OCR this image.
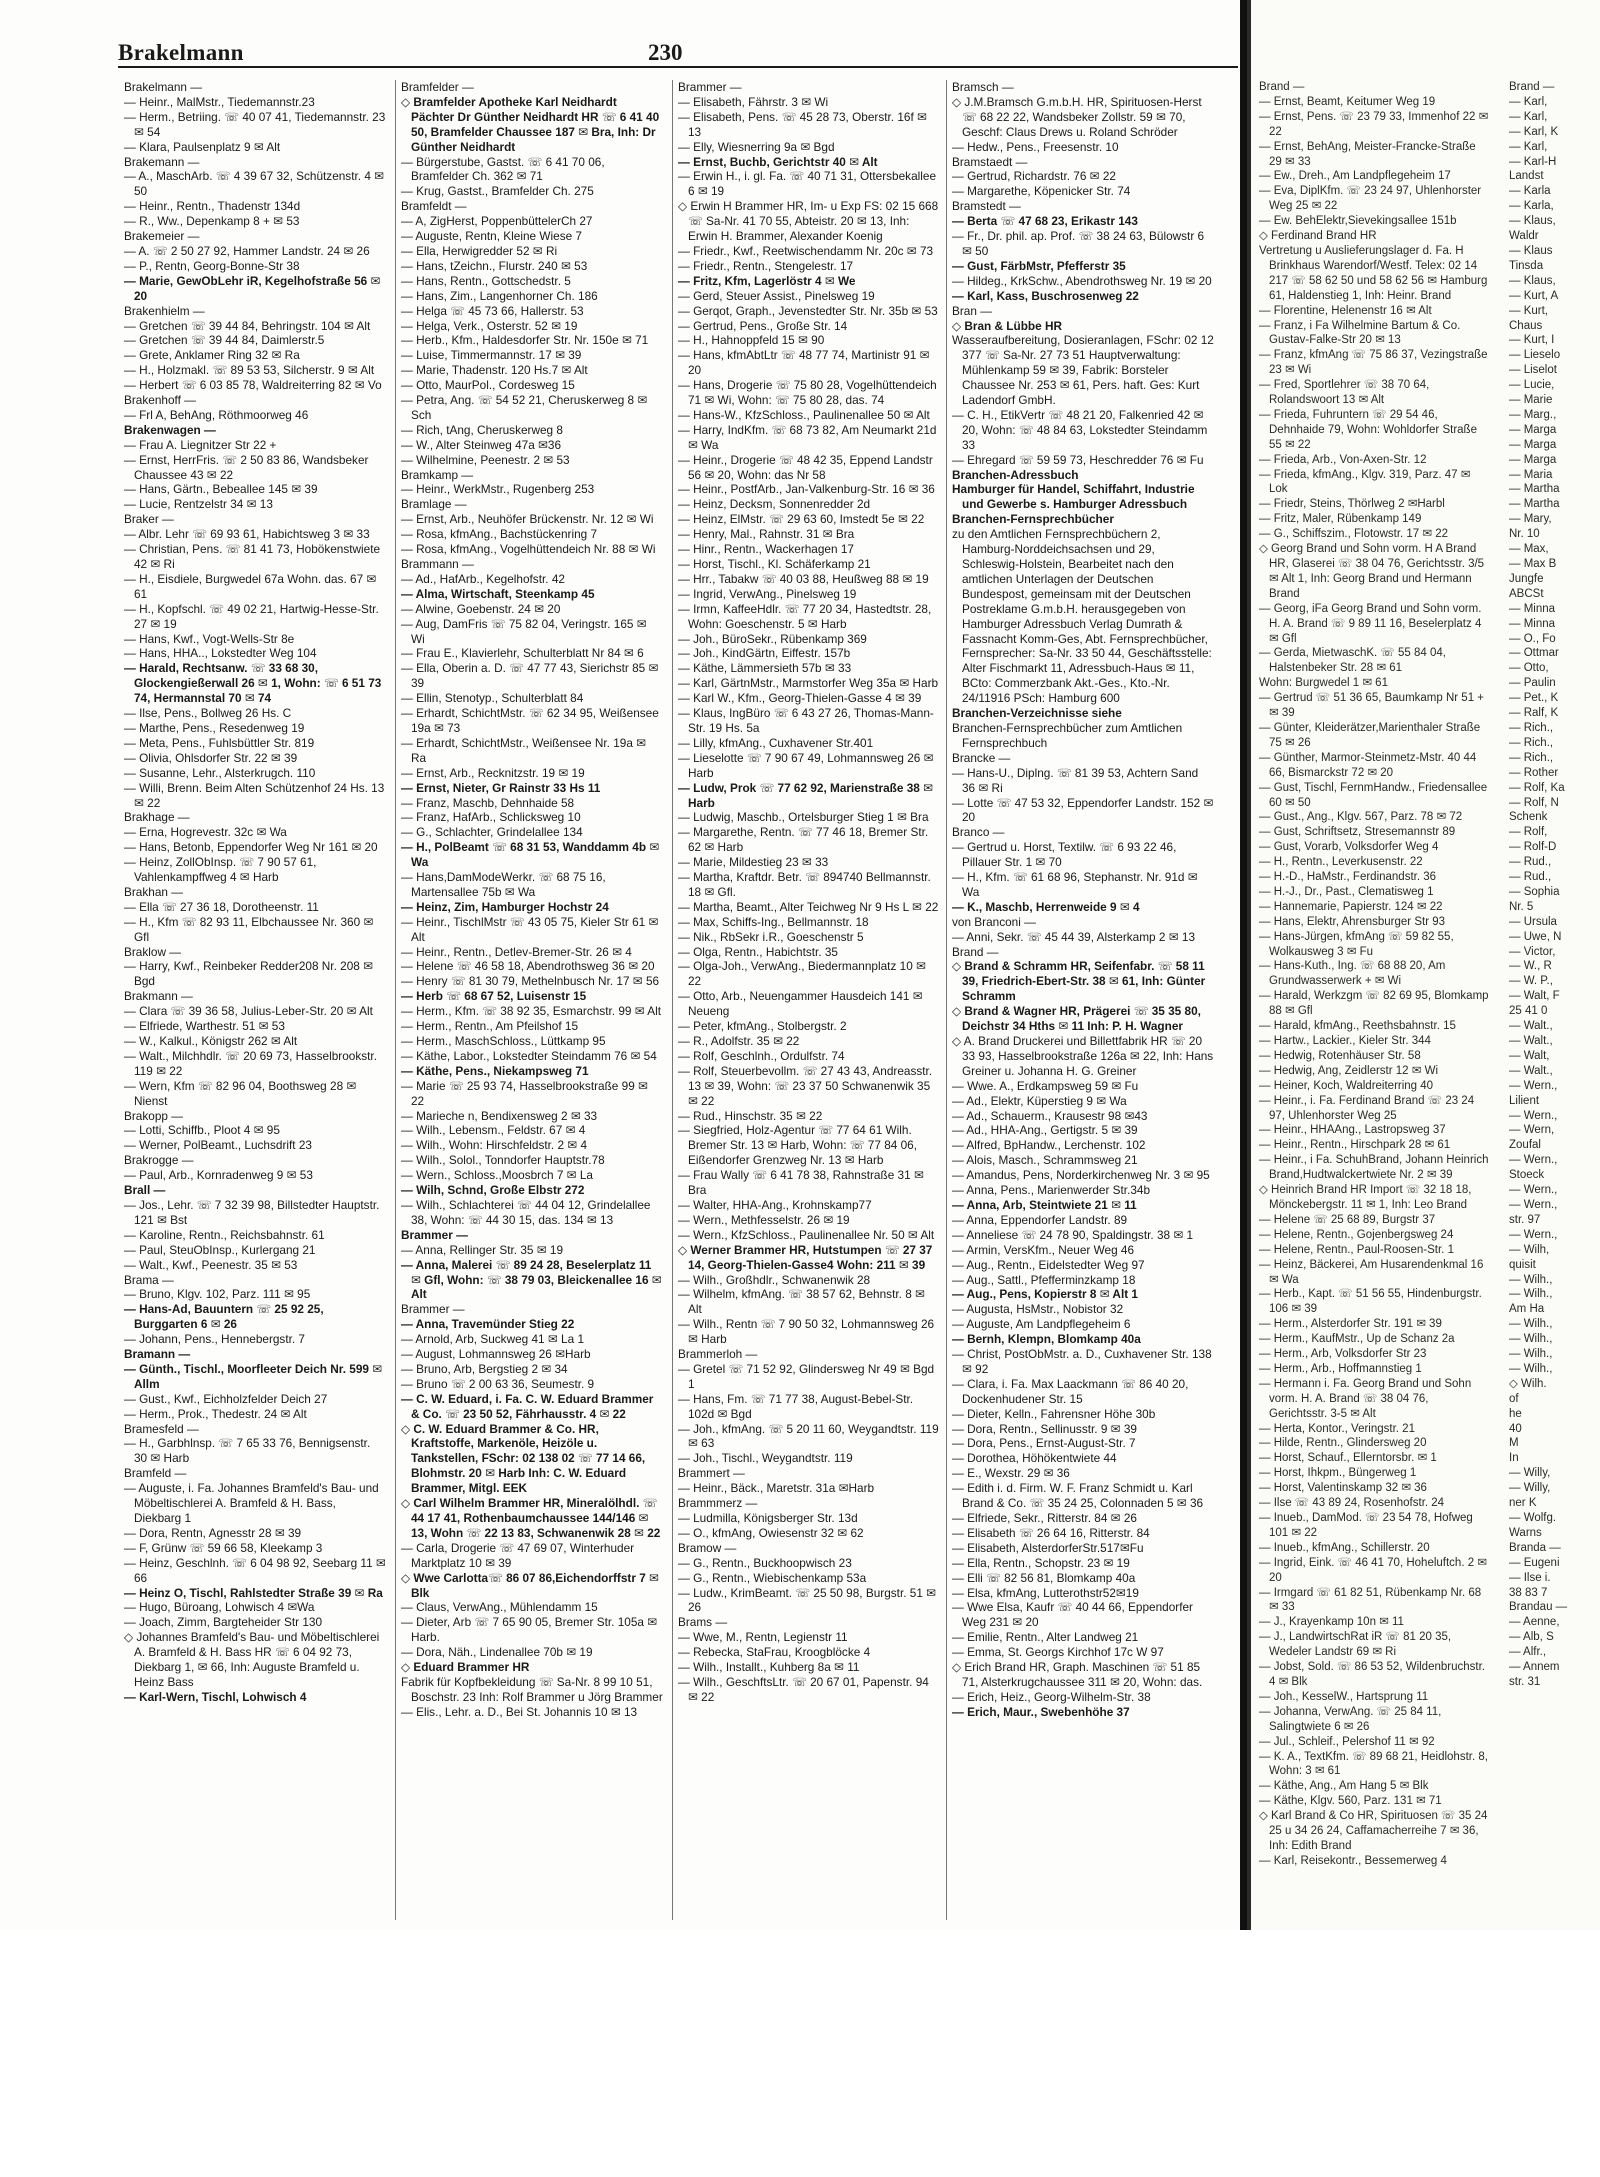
Brakelmann	230
Brakelmann —
— Heinr., MalMstr., Tiedemannstr.23
— Herm., Betriing. ☏ 40 07 41, Tiedemannstr. 23 ✉ 54
— Klara, Paulsenplatz 9 ✉ Alt
Brakemann —
— A., MaschArb. ☏ 4 39 67 32, Schützenstr. 4 ✉ 50
— Heinr., Rentn., Thadenstr 134d
— R., Ww., Depenkamp 8 + ✉ 53
Brakemeier —
— A. ☏ 2 50 27 92, Hammer Landstr. 24 ✉ 26
— P., Rentn, Georg-Bonne-Str 38
— Marie, GewObLehr iR, Kegelhofstraße 56 ✉ 20
Brakenhielm —
— Gretchen ☏ 39 44 84, Behringstr. 104 ✉ Alt
— Gretchen ☏ 39 44 84, Daimlerstr.5
— Grete, Anklamer Ring 32 ✉ Ra
— H., Holzmakl. ☏ 89 53 53, Silcherstr. 9 ✉ Alt
— Herbert ☏ 6 03 85 78, Waldreiterring 82 ✉ Vo
Brakenhoff —
— Frl A, BehAng, Röthmoorweg 46
Brakenwagen —
— Frau A. Liegnitzer Str 22 +
— Ernst, HerrFris. ☏ 2 50 83 86, Wandsbeker Chaussee 43 ✉ 22
— Hans, Gärtn., Bebeallee 145 ✉ 39
— Lucie, Rentzelstr 34 ✉ 13
Braker —
— Albr. Lehr ☏ 69 93 61, Habichtsweg 3 ✉ 33
— Christian, Pens. ☏ 81 41 73, Hobökenstwiete 42 ✉ Ri
— H., Eisdiele, Burgwedel 67a Wohn. das. 67 ✉ 61
— H., Kopfschl. ☏ 49 02 21, Hartwig-Hesse-Str. 27 ✉ 19
— Hans, Kwf., Vogt-Wells-Str 8e
— Hans, HHA.., Lokstedter Weg 104
— Harald, Rechtsanw. ☏ 33 68 30, Glockengießerwall 26 ✉ 1, Wohn: ☏ 6 51 73 74, Hermannstal 70 ✉ 74
— Ilse, Pens., Bollweg 26 Hs. C
— Marthe, Pens., Resedenweg 19
— Meta, Pens., Fuhlsbüttler Str. 819
— Olivia, Ohlsdorfer Str. 22 ✉ 39
— Susanne, Lehr., Alsterkrugch. 110
— Willi, Brenn. Beim Alten Schützenhof 24 Hs. 13 ✉ 22
Brakhage —
— Erna, Hogrevestr. 32c ✉ Wa
— Hans, Betonb, Eppendorfer Weg Nr 161 ✉ 20
— Heinz, ZollObInsp. ☏ 7 90 57 61, Vahlenkampffweg 4 ✉ Harb
Brakhan —
— Ella ☏ 27 36 18, Dorotheenstr. 11
— H., Kfm ☏ 82 93 11, Elbchaussee Nr. 360 ✉ Gfl
Braklow —
— Harry, Kwf., Reinbeker Redder208 Nr. 208 ✉ Bgd
Brakmann —
— Clara ☏ 39 36 58, Julius-Leber-Str. 20 ✉ Alt
— Elfriede, Warthestr. 51 ✉ 53
— W., Kalkul., Königstr 262 ✉ Alt
— Walt., Milchhdlr. ☏ 20 69 73, Hasselbrookstr. 119 ✉ 22
— Wern, Kfm ☏ 82 96 04, Boothsweg 28 ✉ Nienst
Brakopp —
— Lotti, Schiffb., Ploot 4 ✉ 95
— Werner, PolBeamt., Luchsdrift 23
Brakrogge —
— Paul, Arb., Kornradenweg 9 ✉ 53
Brall —
— Jos., Lehr. ☏ 7 32 39 98, Billstedter Hauptstr. 121 ✉ Bst
— Karoline, Rentn., Reichsbahnstr. 61
— Paul, SteuObInsp., Kurlergang 21
— Walt., Kwf., Peenestr. 35 ✉ 53
Brama —
— Bruno, Klgv. 102, Parz. 111 ✉ 95
— Hans-Ad, Bauuntern ☏ 25 92 25, Burggarten 6 ✉ 26
— Johann, Pens., Hennebergstr. 7
Bramann —
— Günth., Tischl., Moorfleeter Deich Nr. 599 ✉ Allm
— Gust., Kwf., Eichholzfelder Deich 27
— Herm., Prok., Thedestr. 24 ✉ Alt
Bramesfeld —
— H., Garbhlnsp. ☏ 7 65 33 76, Bennigsenstr. 30 ✉ Harb
Bramfeld —
— Auguste, i. Fa. Johannes Bramfeld's Bau- und Möbeltischlerei A. Bramfeld & H. Bass, Diekbarg 1
— Dora, Rentn, Agnesstr 28 ✉ 39
— F, Grünw ☏ 59 66 58, Kleekamp 3
— Heinz, Geschlnh. ☏ 6 04 98 92, Seebarg 11 ✉ 66
— Heinz O, Tischl, Rahlstedter Straße 39 ✉ Ra
— Hugo, Büroang, Lohwisch 4 ✉Wa
— Joach, Zimm, Bargteheider Str 130
◇ Johannes Bramfeld's Bau- und Möbeltischlerei A. Bramfeld & H. Bass HR ☏ 6 04 92 73, Diekbarg 1, ✉ 66, Inh: Auguste Bramfeld u. Heinz Bass
— Karl-Wern, Tischl, Lohwisch 4
Bramfelder —
◇ Bramfelder Apotheke Karl Neidhardt Pächter Dr Günther Neidhardt HR ☏ 6 41 40 50, Bramfelder Chaussee 187 ✉ Bra, Inh: Dr Günther Neidhardt
— Bürgerstube, Gastst. ☏ 6 41 70 06, Bramfelder Ch. 362 ✉ 71
— Krug, Gastst., Bramfelder Ch. 275
Bramfeldt —
— A, ZigHerst, PoppenbüttelerCh 27
— Auguste, Rentn, Kleine Wiese 7
— Ella, Herwigredder 52 ✉ Ri
— Hans, tZeichn., Flurstr. 240 ✉ 53
— Hans, Rentn., Gottschedstr. 5
— Hans, Zim., Langenhorner Ch. 186
— Helga ☏ 45 73 66, Hallerstr. 53
— Helga, Verk., Osterstr. 52 ✉ 19
— Herb., Kfm., Haldesdorfer Str. Nr. 150e ✉ 71
— Luise, Timmermannstr. 17 ✉ 39
— Marie, Thadenstr. 120 Hs.7 ✉ Alt
— Otto, MaurPol., Cordesweg 15
— Petra, Ang. ☏ 54 52 21, Cheruskerweg 8 ✉ Sch
— Rich, tAng, Cheruskerweg 8
— W., Alter Steinweg 47a ✉36
— Wilhelmine, Peenestr. 2 ✉ 53
Bramkamp —
— Heinr., WerkMstr., Rugenberg 253
Bramlage —
— Ernst, Arb., Neuhöfer Brückenstr. Nr. 12 ✉ Wi
— Rosa, kfmAng., Bachstückenring 7
— Rosa, kfmAng., Vogelhüttendeich Nr. 88 ✉ Wi
Brammann —
— Ad., HafArb., Kegelhofstr. 42
— Alma, Wirtschaft, Steenkamp 45
— Alwine, Goebenstr. 24 ✉ 20
— Aug, DamFris ☏ 75 82 04, Veringstr. 165 ✉ Wi
— Frau E., Klavierlehr, Schulterblatt Nr 84 ✉ 6
— Ella, Oberin a. D. ☏ 47 77 43, Sierichstr 85 ✉ 39
— Ellin, Stenotyp., Schulterblatt 84
— Erhardt, SchichtMstr. ☏ 62 34 95, Weißensee 19a ✉ 73
— Erhardt, SchichtMstr., Weißensee Nr. 19a ✉ Ra
— Ernst, Arb., Recknitzstr. 19 ✉ 19
— Ernst, Nieter, Gr Rainstr 33 Hs 11
— Franz, Maschb, Dehnhaide 58
— Franz, HafArb., Schlicksweg 10
— G., Schlachter, Grindelallee 134
— H., PolBeamt ☏ 68 31 53, Wanddamm 4b ✉ Wa
— Hans,DamModeWerkr. ☏ 68 75 16, Martensallee 75b ✉ Wa
— Heinz, Zim, Hamburger Hochstr 24
— Heinr., TischlMstr ☏ 43 05 75, Kieler Str 61 ✉ Alt
— Heinr., Rentn., Detlev-Bremer-Str. 26 ✉ 4
— Helene ☏ 46 58 18, Abendrothsweg 36 ✉ 20
— Henry ☏ 81 30 79, Methelnbusch Nr. 17 ✉ 56
— Herb ☏ 68 67 52, Luisenstr 15
— Herm., Kfm. ☏ 38 92 35, Esmarchstr. 99 ✉ Alt
— Herm., Rentn., Am Pfeilshof 15
— Herm., MaschSchloss., Lüttkamp 95
— Käthe, Labor., Lokstedter Steindamm 76 ✉ 54
— Käthe, Pens., Niekampsweg 71
— Marie ☏ 25 93 74, Hasselbrookstraße 99 ✉ 22
— Marieche n, Bendixensweg 2 ✉ 33
— Wilh., Lebensm., Feldstr. 67 ✉ 4
— Wilh., Wohn: Hirschfeldstr. 2 ✉ 4
— Wilh., Solol., Tonndorfer Hauptstr.78
— Wern., Schloss.,Moosbrch 7 ✉ La
— Wilh, Schnd, Große Elbstr 272
— Wilh., Schlachterei ☏ 44 04 12, Grindelallee 38, Wohn: ☏ 44 30 15, das. 134 ✉ 13
Brammer —
— Anna, Rellinger Str. 35 ✉ 19
— Anna, Malerei ☏ 89 24 28, Beselerplatz 11 ✉ Gfl, Wohn: ☏ 38 79 03, Bleickenallee 16 ✉ Alt
Brammer —
— Anna, Travemünder Stieg 22
— Arnold, Arb, Suckweg 41 ✉ La 1
— August, Lohmannsweg 26 ✉Harb
— Bruno, Arb, Bergstieg 2 ✉ 34
— Bruno ☏ 2 00 63 36, Seumestr. 9
— C. W. Eduard, i. Fa. C. W. Eduard Brammer & Co. ☏ 23 50 52, Fährhausstr. 4 ✉ 22
◇ C. W. Eduard Brammer & Co. HR, Kraftstoffe, Markenöle, Heizöle u. Tankstellen, FSchr: 02 138 02 ☏ 77 14 66, Blohmstr. 20 ✉ Harb Inh: C. W. Eduard Brammer, Mitgl. EEK
◇ Carl Wilhelm Brammer HR, Mineralölhdl. ☏ 44 17 41, Rothenbaumchaussee 144/146 ✉ 13, Wohn ☏ 22 13 83, Schwanenwik 28 ✉ 22
— Carla, Drogerie ☏ 47 69 07, Winterhuder Marktplatz 10 ✉ 39
◇ Wwe Carlotta☏ 86 07 86,Eichendorffstr 7 ✉ Blk
— Claus, VerwAng., Mühlendamm 15
— Dieter, Arb ☏ 7 65 90 05, Bremer Str. 105a ✉ Harb.
— Dora, Näh., Lindenallee 70b ✉ 19
◇ Eduard Brammer HR
Fabrik für Kopfbekleidung ☏ Sa-Nr. 8 99 10 51, Boschstr. 23 Inh: Rolf Brammer u Jörg Brammer
— Elis., Lehr. a. D., Bei St. Johannis 10 ✉ 13
Brammer —
— Elisabeth, Fährstr. 3 ✉ Wi
— Elisabeth, Pens. ☏ 45 28 73, Oberstr. 16f ✉ 13
— Elly, Wiesnerring 9a ✉ Bgd
— Ernst, Buchb, Gerichtstr 40 ✉ Alt
— Erwin H., i. gl. Fa. ☏ 40 71 31, Ottersbekallee 6 ✉ 19
◇ Erwin H Brammer HR, Im- u Exp FS: 02 15 668 ☏ Sa-Nr. 41 70 55, Abteistr. 20 ✉ 13, Inh: Erwin H. Brammer, Alexander Koenig
— Friedr., Kwf., Reetwischendamm Nr. 20c ✉ 73
— Friedr., Rentn., Stengelestr. 17
— Fritz, Kfm, Lagerlöstr 4 ✉ We
— Gerd, Steuer Assist., Pinelsweg 19
— Gerqot, Graph., Jevenstedter Str. Nr. 35b ✉ 53
— Gertrud, Pens., Große Str. 14
— H., Hahnoppfeld 15 ✉ 90
— Hans, kfmAbtLtr ☏ 48 77 74, Martinistr 91 ✉ 20
— Hans, Drogerie ☏ 75 80 28, Vogelhüttendeich 71 ✉ Wi, Wohn: ☏ 75 80 28, das. 74
— Hans-W., KfzSchloss., Paulinenallee 50 ✉ Alt
— Harry, IndKfm. ☏ 68 73 82, Am Neumarkt 21d ✉ Wa
— Heinr., Drogerie ☏ 48 42 35, Eppend Landstr 56 ✉ 20, Wohn: das Nr 58
— Heinr., PostfArb., Jan-Valkenburg-Str. 16 ✉ 36
— Heinz, Decksm, Sonnenredder 2d
— Heinz, ElMstr. ☏ 29 63 60, Imstedt 5e ✉ 22
— Henry, Mal., Rahnstr. 31 ✉ Bra
— Hinr., Rentn., Wackerhagen 17
— Horst, Tischl., Kl. Schäferkamp 21
— Hrr., Tabakw ☏ 40 03 88, Heußweg 88 ✉ 19
— Ingrid, VerwAng., Pinelsweg 19
— Irmn, KaffeeHdlr. ☏ 77 20 34, Hastedtstr. 28, Wohn: Goeschenstr. 5 ✉ Harb
— Joh., BüroSekr., Rübenkamp 369
— Joh., KindGärtn, Eiffestr. 157b
— Käthe, Lämmersieth 57b ✉ 33
— Karl, GärtnMstr., Marmstorfer Weg 35a ✉ Harb
— Karl W., Kfm., Georg-Thielen-Gasse 4 ✉ 39
— Klaus, IngBüro ☏ 6 43 27 26, Thomas-Mann-Str. 19 Hs. 5a
— Lilly, kfmAng., Cuxhavener Str.401
— Lieselotte ☏ 7 90 67 49, Lohmannsweg 26 ✉ Harb
— Ludw, Prok ☏ 77 62 92, Marienstraße 38 ✉ Harb
— Ludwig, Maschb., Ortelsburger Stieg 1 ✉ Bra
— Margarethe, Rentn. ☏ 77 46 18, Bremer Str. 62 ✉ Harb
— Marie, Mildestieg 23 ✉ 33
— Martha, Kraftdr. Betr. ☏ 894740 Bellmannstr. 18 ✉ Gfl.
— Martha, Beamt., Alter Teichweg Nr 9 Hs L ✉ 22
— Max, Schiffs-Ing., Bellmannstr. 18
— Nik., RbSekr i.R., Goeschenstr 5
— Olga, Rentn., Habichtstr. 35
— Olga-Joh., VerwAng., Biedermannplatz 10 ✉ 22
— Otto, Arb., Neuengammer Hausdeich 141 ✉ Neueng
— Peter, kfmAng., Stolbergstr. 2
— R., Adolfstr. 35 ✉ 22
— Rolf, Geschlnh., Ordulfstr. 74
— Rolf, Steuerbevollm. ☏ 27 43 43, Andreasstr. 13 ✉ 39, Wohn: ☏ 23 37 50 Schwanenwik 35 ✉ 22
— Rud., Hinschstr. 35 ✉ 22
— Siegfried, Holz-Agentur ☏ 77 64 61 Wilh. Bremer Str. 13 ✉ Harb, Wohn: ☏ 77 84 06, Eißendorfer Grenzweg Nr. 13 ✉ Harb
— Frau Wally ☏ 6 41 78 38, Rahnstraße 31 ✉ Bra
— Walter, HHA-Ang., Krohnskamp77
— Wern., Methfesselstr. 26 ✉ 19
— Wern., KfzSchloss., Paulinenallee Nr. 50 ✉ Alt
◇ Werner Brammer HR, Hutstumpen ☏ 27 37 14, Georg-Thielen-Gasse4 Wohn: 211 ✉ 39
— Wilh., Großhdlr., Schwanenwik 28
— Wilhelm, kfmAng. ☏ 38 57 62, Behnstr. 8 ✉ Alt
— Wilh., Rentn ☏ 7 90 50 32, Lohmannsweg 26 ✉ Harb
Brammerloh —
— Gretel ☏ 71 52 92, Glindersweg Nr 49 ✉ Bgd 1
— Hans, Fm. ☏ 71 77 38, August-Bebel-Str. 102d ✉ Bgd
— Joh., kfmAng. ☏ 5 20 11 60, Weygandtstr. 119 ✉ 63
— Joh., Tischl., Weygandtstr. 119
Brammert —
— Heinr., Bäck., Maretstr. 31a ✉Harb
Brammmerz —
— Ludmilla, Königsberger Str. 13d
— O., kfmAng, Owiesenstr 32 ✉ 62
Bramow —
— G., Rentn., Buckhoopwisch 23
— G., Rentn., Wiebischenkamp 53a
— Ludw., KrimBeamt. ☏ 25 50 98, Burgstr. 51 ✉ 26
Brams —
— Wwe, M., Rentn, Legienstr 11
— Rebecka, StaFrau, Kroogblöcke 4
— Wilh., Installt., Kuhberg 8a ✉ 11
— Wilh., GeschftsLtr. ☏ 20 67 01, Papenstr. 94 ✉ 22
Bramsch —
◇ J.M.Bramsch G.m.b.H. HR, Spirituosen-Herst ☏ 68 22 22, Wandsbeker Zollstr. 59 ✉ 70, Geschf: Claus Drews u. Roland Schröder
— Hedw., Pens., Freesenstr. 10
Bramstaedt —
— Gertrud, Richardstr. 76 ✉ 22
— Margarethe, Köpenicker Str. 74
Bramstedt —
— Berta ☏ 47 68 23, Erikastr 143
— Fr., Dr. phil. ap. Prof. ☏ 38 24 63, Bülowstr 6 ✉ 50
— Gust, FärbMstr, Pfefferstr 35
— Hildeg., KrkSchw., Abendrothsweg Nr. 19 ✉ 20
— Karl, Kass, Buschrosenweg 22
Bran —
◇ Bran & Lübbe HR
Wasseraufbereitung, Dosieranlagen, FSchr: 02 12 377 ☏ Sa-Nr. 27 73 51 Hauptverwaltung: Mühlenkamp 59 ✉ 39, Fabrik: Borsteler Chaussee Nr. 253 ✉ 61, Pers. haft. Ges: Kurt Ladendorf GmbH.
— C. H., EtikVertr ☏ 48 21 20, Falkenried 42 ✉ 20, Wohn: ☏ 48 84 63, Lokstedter Steindamm 33
— Ehregard ☏ 59 59 73, Heschredder 76 ✉ Fu
Branchen-Adressbuch
Hamburger für Handel, Schiffahrt, Industrie und Gewerbe s. Hamburger Adressbuch
Branchen-Fernsprechbücher
zu den Amtlichen Fernsprechbüchern 2, Hamburg-Norddeichsachsen und 29, Schleswig-Holstein, Bearbeitet nach den amtlichen Unterlagen der Deutschen Bundespost, gemeinsam mit der Deutschen Postreklame G.m.b.H. herausgegeben von Hamburger Adressbuch Verlag Dumrath & Fassnacht Komm-Ges, Abt. Fernsprechbücher, Fernsprecher: Sa-Nr. 33 50 44, Geschäftsstelle: Alter Fischmarkt 11, Adressbuch-Haus ✉ 11, BCto: Commerzbank Akt.-Ges., Kto.-Nr. 24/11916 PSch: Hamburg 600
Branchen-Verzeichnisse siehe
Branchen-Fernsprechbücher zum Amtlichen Fernsprechbuch
Brancke —
— Hans-U., Diplng. ☏ 81 39 53, Achtern Sand 36 ✉ Ri
— Lotte ☏ 47 53 32, Eppendorfer Landstr. 152 ✉ 20
Branco —
— Gertrud u. Horst, Textilw. ☏ 6 93 22 46, Pillauer Str. 1 ✉ 70
— H., Kfm. ☏ 61 68 96, Stephanstr. Nr. 91d ✉ Wa
— K., Maschb, Herrenweide 9 ✉ 4
von Branconi —
— Anni, Sekr. ☏ 45 44 39, Alsterkamp 2 ✉ 13
Brand —
◇ Brand & Schramm HR, Seifenfabr. ☏ 58 11 39, Friedrich-Ebert-Str. 38 ✉ 61, Inh: Günter Schramm
◇ Brand & Wagner HR, Prägerei ☏ 35 35 80, Deichstr 34 Hths ✉ 11 Inh: P. H. Wagner
◇ A. Brand Druckerei und Billettfabrik HR ☏ 20 33 93, Hasselbrookstraße 126a ✉ 22, Inh: Hans Greiner u. Johanna H. G. Greiner
— Wwe. A., Erdkampsweg 59 ✉ Fu
— Ad., Elektr, Küperstieg 9 ✉ Wa
— Ad., Schauerm., Krausestr 98 ✉43
— Ad., HHA-Ang., Gertigstr. 5 ✉ 39
— Alfred, BpHandw., Lerchenstr. 102
— Alois, Masch., Schrammsweg 21
— Amandus, Pens, Norderkirchenweg Nr. 3 ✉ 95
— Anna, Pens., Marienwerder Str.34b
— Anna, Arb, Steintwiete 21 ✉ 11
— Anna, Eppendorfer Landstr. 89
— Anneliese ☏ 24 78 90, Spaldingstr. 38 ✉ 1
— Armin, VersKfm., Neuer Weg 46
— Aug., Rentn., Eidelstedter Weg 97
— Aug., Sattl., Pfefferminzkamp 18
— Aug., Pens, Kopierstr 8 ✉ Alt 1
— Augusta, HsMstr., Nobistor 32
— Auguste, Am Landpflegeheim 6
— Bernh, Klempn, Blomkamp 40a
— Christ, PostObMstr. a. D., Cuxhavener Str. 138 ✉ 92
— Clara, i. Fa. Max Laackmann ☏ 86 40 20, Dockenhudener Str. 15
— Dieter, Kelln., Fahrensner Höhe 30b
— Dora, Rentn., Sellinusstr. 9 ✉ 39
— Dora, Pens., Ernst-August-Str. 7
— Dorothea, Höhökentwiete 44
— E., Wexstr. 29 ✉ 36
— Edith i. d. Firm. W. F. Franz Schmidt u. Karl Brand & Co. ☏ 35 24 25, Colonnaden 5 ✉ 36
— Elfriede, Sekr., Ritterstr. 84 ✉ 26
— Elisabeth ☏ 26 64 16, Ritterstr. 84
— Elisabeth, AlsterdorferStr.517✉Fu
— Ella, Rentn., Schopstr. 23 ✉ 19
— Elli ☏ 82 56 81, Blomkamp 40a
— Elsa, kfmAng, Lutterothstr52✉19
— Wwe Elsa, Kaufr ☏ 40 44 66, Eppendorfer Weg 231 ✉ 20
— Emilie, Rentn., Alter Landweg 21
— Emma, St. Georgs Kirchhof 17c W 97
◇ Erich Brand HR, Graph. Maschinen ☏ 51 85 71, Alsterkrugchaussee 311 ✉ 20, Wohn: das.
— Erich, Heiz., Georg-Wilhelm-Str. 38
— Erich, Maur., Swebenhöhe 37
Brand —
— Ernst, Beamt, Keitumer Weg 19
— Ernst, Pens. ☏ 23 79 33, Immenhof 22 ✉ 22
— Ernst, BehAng, Meister-Francke-Straße 29 ✉ 33
— Ew., Dreh., Am Landpflegeheim 17
— Eva, DiplKfm. ☏ 23 24 97, Uhlenhorster Weg 25 ✉ 22
— Ew. BehElektr,Sievekingsallee 151b
◇ Ferdinand Brand HR
Vertretung u Auslieferungslager d. Fa. H Brinkhaus Warendorf/Westf. Telex: 02 14 217 ☏ 58 62 50 und 58 62 56 ✉ Hamburg 61, Haldenstieg 1, Inh: Heinr. Brand
— Florentine, Helenenstr 16 ✉ Alt
— Franz, i Fa Wilhelmine Bartum & Co. Gustav-Falke-Str 20 ✉ 13
— Franz, kfmAng ☏ 75 86 37, Vezingstraße 23 ✉ Wi
— Fred, Sportlehrer ☏ 38 70 64, Rolandswoort 13 ✉ Alt
— Frieda, Fuhruntern ☏ 29 54 46, Dehnhaide 79, Wohn: Wohldorfer Straße 55 ✉ 22
— Frieda, Arb., Von-Axen-Str. 12
— Frieda, kfmAng., Klgv. 319, Parz. 47 ✉ Lok
— Friedr, Steins, Thörlweg 2 ✉Harbl
— Fritz, Maler, Rübenkamp 149
— G., Schiffszim., Flotowstr. 17 ✉ 22
◇ Georg Brand und Sohn vorm. H A Brand HR, Glaserei ☏ 38 04 76, Gerichtsstr. 3/5 ✉ Alt 1, Inh: Georg Brand und Hermann Brand
— Georg, iFa Georg Brand und Sohn vorm. H. A. Brand ☏ 9 89 11 16, Beselerplatz 4 ✉ Gfl
— Gerda, MietwaschK. ☏ 55 84 04, Halstenbeker Str. 28 ✉ 61
Wohn: Burgwedel 1 ✉ 61
— Gertrud ☏ 51 36 65, Baumkamp Nr 51 + ✉ 39
— Günter, Kleiderätzer,Marienthaler Straße 75 ✉ 26
— Günther, Marmor-Steinmetz-Mstr. 40 44 66, Bismarckstr 72 ✉ 20
— Gust, Tischl, FernmHandw., Friedensallee 60 ✉ 50
— Gust., Ang., Klgv. 567, Parz. 78 ✉ 72
— Gust, Schriftsetz, Stresemannstr 89
— Gust, Vorarb, Volksdorfer Weg 4
— H., Rentn., Leverkusenstr. 22
— H.-D., HaMstr., Ferdinandstr. 36
— H.-J., Dr., Past., Clematisweg 1
— Hannemarie, Papierstr. 124 ✉ 22
— Hans, Elektr, Ahrensburger Str 93
— Hans-Jürgen, kfmAng ☏ 59 82 55, Wolkausweg 3 ✉ Fu
— Hans-Kuth., Ing. ☏ 68 88 20, Am Grundwasserwerk + ✉ Wi
— Harald, Werkzgm ☏ 82 69 95, Blomkamp 88 ✉ Gfl
— Harald, kfmAng., Reethsbahnstr. 15
— Hartw., Lackier., Kieler Str. 344
— Hedwig, Rotenhäuser Str. 58
— Hedwig, Ang, Zeidlerstr 12 ✉ Wi
— Heiner, Koch, Waldreiterring 40
— Heinr., i. Fa. Ferdinand Brand ☏ 23 24 97, Uhlenhorster Weg 25
— Heinr., HHAAng., Lastropsweg 37
— Heinr., Rentn., Hirschpark 28 ✉ 61
— Heinr., i Fa. SchuhBrand, Johann Heinrich Brand,Hudtwalckertwiete Nr. 2 ✉ 39
◇ Heinrich Brand HR Import ☏ 32 18 18, Mönckebergstr. 11 ✉ 1, Inh: Leo Brand
— Helene ☏ 25 68 89, Burgstr 37
— Helene, Rentn., Gojenbergsweg 24
— Helene, Rentn., Paul-Roosen-Str. 1
— Heinz, Bäckerei, Am Husarendenkmal 16 ✉ Wa
— Herb., Kapt. ☏ 51 56 55, Hindenburgstr. 106 ✉ 39
— Herm., Alsterdorfer Str. 191 ✉ 39
— Herm., KaufMstr., Up de Schanz 2a
— Herm., Arb, Volksdorfer Str 23
— Herm., Arb., Hoffmannstieg 1
— Hermann i. Fa. Georg Brand und Sohn vorm. H. A. Brand ☏ 38 04 76, Gerichtsstr. 3-5 ✉ Alt
— Herta, Kontor., Veringstr. 21
— Hilde, Rentn., Glindersweg 20
— Horst, Schauf., Ellerntorsbr. ✉ 1
— Horst, Ihkpm., Büngerweg 1
— Horst, Valentinskamp 32 ✉ 36
— Ilse ☏ 43 89 24, Rosenhofstr. 24
— Inueb., DamMod. ☏ 23 54 78, Hofweg 101 ✉ 22
— Inueb., kfmAng., Schillerstr. 20
— Ingrid, Eink. ☏ 46 41 70, Hoheluftch. 2 ✉ 20
— Irmgard ☏ 61 82 51, Rübenkamp Nr. 68 ✉ 33
— J., Krayenkamp 10n ✉ 11
— J., LandwirtschRat iR ☏ 81 20 35, Wedeler Landstr 69 ✉ Ri
— Jobst, Sold. ☏ 86 53 52, Wildenbruchstr. 4 ✉ Blk
— Joh., KesselW., Hartsprung 11
— Johanna, VerwAng. ☏ 25 84 11, Salingtwiete 6 ✉ 26
— Jul., Schleif., Pelershof 11 ✉ 92
— K. A., TextKfm. ☏ 89 68 21, Heidlohstr. 8, Wohn: 3 ✉ 61
— Käthe, Ang., Am Hang 5 ✉ Blk
— Käthe, Klgv. 560, Parz. 131 ✉ 71
◇ Karl Brand & Co HR, Spirituosen ☏ 35 24 25 u 34 26 24, Caffamacherreihe 7 ✉ 36, Inh: Edith Brand
— Karl, Reisekontr., Bessemerweg 4
Brand —
— Karl,
— Karl,
— Karl, K
— Karl,
— Karl-H
Landst
— Karla
— Karla,
— Klaus,
Waldr
— Klaus
Tinsda
— Klaus,
— Kurt, A
— Kurt,
Chaus
— Kurt, I
— Lieselo
— Liselot
— Lucie,
— Marie
— Marg.,
— Marga
— Marga
— Marga
— Maria
— Martha
— Martha
— Mary,
Nr. 10
— Max,
— Max B
Jungfe
ABCSt
— Minna
— Minna
— O., Fo
— Ottmar
— Otto,
— Paulin
— Pet., K
— Ralf, K
— Rich.,
— Rich.,
— Rich.,
— Rother
— Rolf, Ka
— Rolf, N
Schenk
— Rolf,
— Rolf-D
— Rud.,
— Rud.,
— Sophia
Nr. 5
— Ursula
— Uwe, N
— Victor,
— W., R
— W. P.,
— Walt, F
25 41 0
— Walt.,
— Walt.,
— Walt,
— Walt.,
— Wern.,
Lilient
— Wern.,
— Wern,
Zoufal
— Wern.,
Stoeck
— Wern.,
— Wern.,
str. 97
— Wern.,
— Wilh,
quisit
— Wilh.,
— Wilh.,
Am Ha
— Wilh.,
— Wilh.,
— Wilh.,
— Wilh.,
◇ Wilh.
of
he
40
M
In
— Willy,
— Willy,
ner K
— Wolfg.
Warns
Branda —
— Eugeni
— Ilse i.
38 83 7
Brandau —
— Aenne,
— Alb, S
— Alfr.,
— Annem
str. 31
